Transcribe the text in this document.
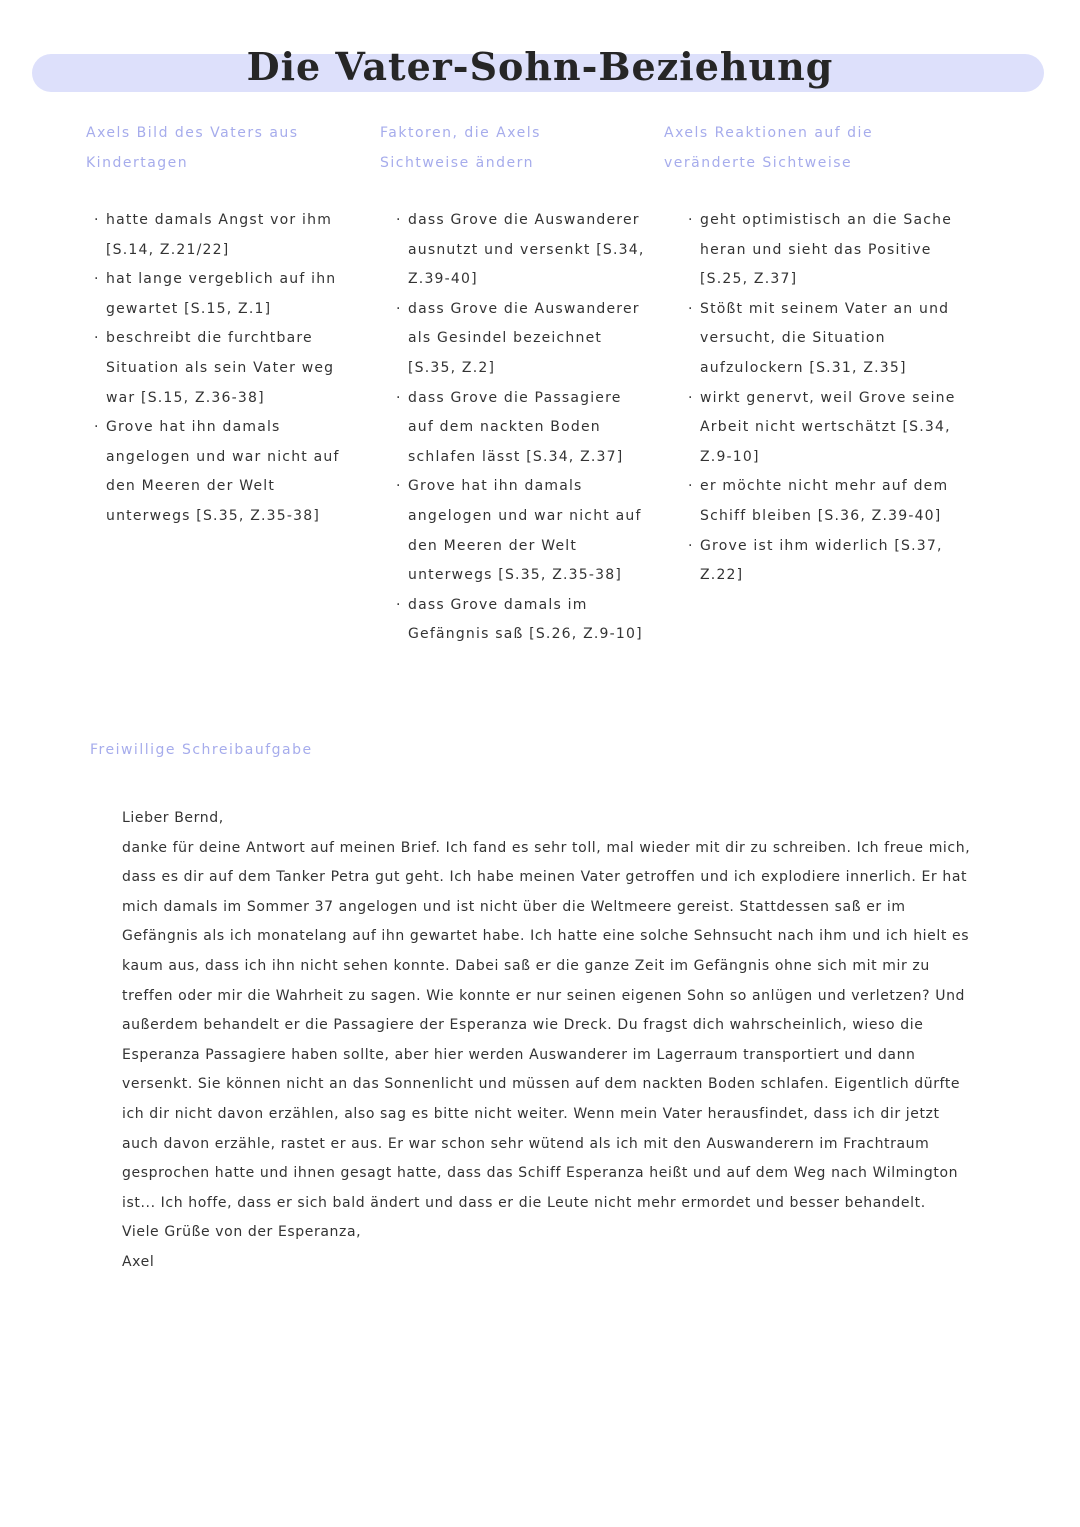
Die Vater-Sohn-Beziehung
Axels Bild des Vaters aus Kindertagen
· hatte damals Angst vor ihm [S.14, Z.21/22]
· hat lange vergeblich auf ihn gewartet [S.15, Z.1]
· beschreibt die furchtbare Situation als sein Vater weg war [S.15, Z.36-38]
· Grove hat ihn damals angelogen und war nicht auf den Meeren der Welt unterwegs [S.35, Z.35-38]
Faktoren, die Axels Sichtweise ändern
· dass Grove die Auswanderer ausnutzt und versenkt [S.34, Z.39-40]
· dass Grove die Auswanderer als Gesindel bezeichnet [S.35, Z.2]
· dass Grove die Passagiere auf dem nackten Boden schlafen lässt [S.34, Z.37]
· Grove hat ihn damals angelogen und war nicht auf den Meeren der Welt unterwegs [S.35, Z.35-38]
· dass Grove damals im Gefängnis saß [S.26, Z.9-10]
Axels Reaktionen auf die veränderte Sichtweise
· geht optimistisch an die Sache heran und sieht das Positive [S.25, Z.37]
· Stößt mit seinem Vater an und versucht, die Situation aufzulockern [S.31, Z.35]
· wirkt genervt, weil Grove seine Arbeit nicht wertschätzt [S.34, Z.9-10]
· er möchte nicht mehr auf dem Schiff bleiben [S.36, Z.39-40]
· Grove ist ihm widerlich [S.37, Z.22]
Freiwillige Schreibaufgabe

Lieber Bernd,

danke für deine Antwort auf meinen Brief. Ich fand es sehr toll, mal wieder mit dir zu schreiben. Ich freue mich, dass es dir auf dem Tanker Petra gut geht. Ich habe meinen Vater getroffen und ich explodiere innerlich. Er hat mich damals im Sommer 37 angelogen und ist nicht über die Weltmeere gereist. Stattdessen saß er im Gefängnis als ich monatelang auf ihn gewartet habe. Ich hatte eine solche Sehnsucht nach ihm und ich hielt es kaum aus, dass ich ihn nicht sehen konnte. Dabei saß er die ganze Zeit im Gefängnis ohne sich mit mir zu treffen oder mir die Wahrheit zu sagen. Wie konnte er nur seinen eigenen Sohn so anlügen und verletzen? Und außerdem behandelt er die Passagiere der Esperanza wie Dreck. Du fragst dich wahrscheinlich, wieso die Esperanza Passagiere haben sollte, aber hier werden Auswanderer im Lagerraum transportiert und dann versenkt. Sie können nicht an das Sonnenlicht und müssen auf dem nackten Boden schlafen. Eigentlich dürfte ich dir nicht davon erzählen, also sag es bitte nicht weiter. Wenn mein Vater herausfindet, dass ich dir jetzt auch davon erzähle, rastet er aus. Er war schon sehr wütend als ich mit den Auswanderern im Frachtraum gesprochen hatte und ihnen gesagt hatte, dass das Schiff Esperanza heißt und auf dem Weg nach Wilmington ist... Ich hoffe, dass er sich bald ändert und dass er die Leute nicht mehr ermordet und besser behandelt.

Viele Grüße von der Esperanza,

Axel
